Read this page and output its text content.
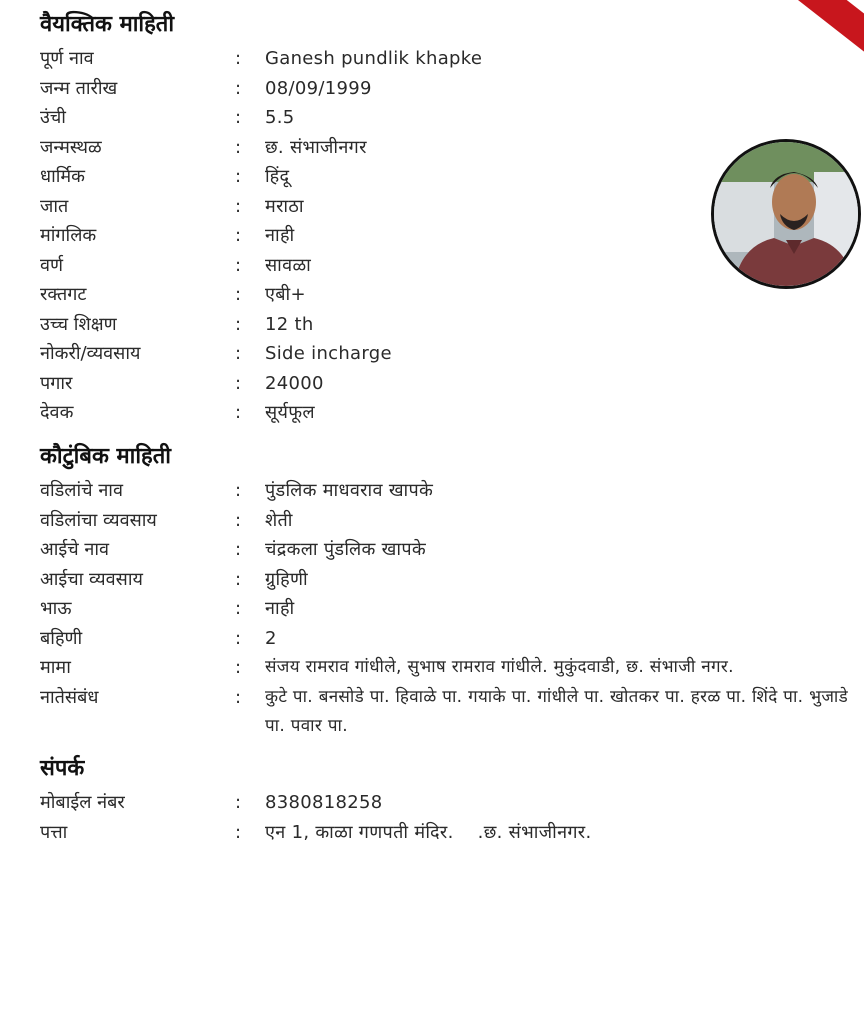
वैयक्तिक माहिती
पूर्ण नाव	:	Ganesh pundlik khapke
जन्म तारीख	:	08/09/1999
उंची	:	5.5
जन्मस्थळ	:	छ. संभाजीनगर
धार्मिक	:	हिंदू
जात	:	मराठा
मांगलिक	:	नाही
वर्ण	:	सावळा
रक्तगट	:	एबी+
उच्च शिक्षण	:	12 th
नोकरी/व्यवसाय	:	Side incharge
पगार	:	24000
देवक	:	सूर्यफूल
कौटुंबिक माहिती
वडिलांचे नाव	:	पुंडलिक माधवराव खापके
वडिलांचा व्यवसाय	:	शेती
आईचे नाव	:	चंद्रकला पुंडलिक खापके
आईचा व्यवसाय	:	ग्रुहिणी
भाऊ	:	नाही
बहिणी	:	2
मामा	:	संजय रामराव गांधीले, सुभाष रामराव गांधीले. मुकुंदवाडी, छ. संभाजी नगर.
नातेसंबंध	:	कुटे पा. बनसोडे पा. हिवाळे पा. गयाके पा. गांधीले पा. खोतकर पा. हरळ पा. शिंदे पा. भुजाडे पा. पवार पा.
संपर्क
मोबाईल नंबर	:	8380818258
पत्ता	:	एन 1, काळा गणपती मंदिर.    .छ. संभाजीनगर.
